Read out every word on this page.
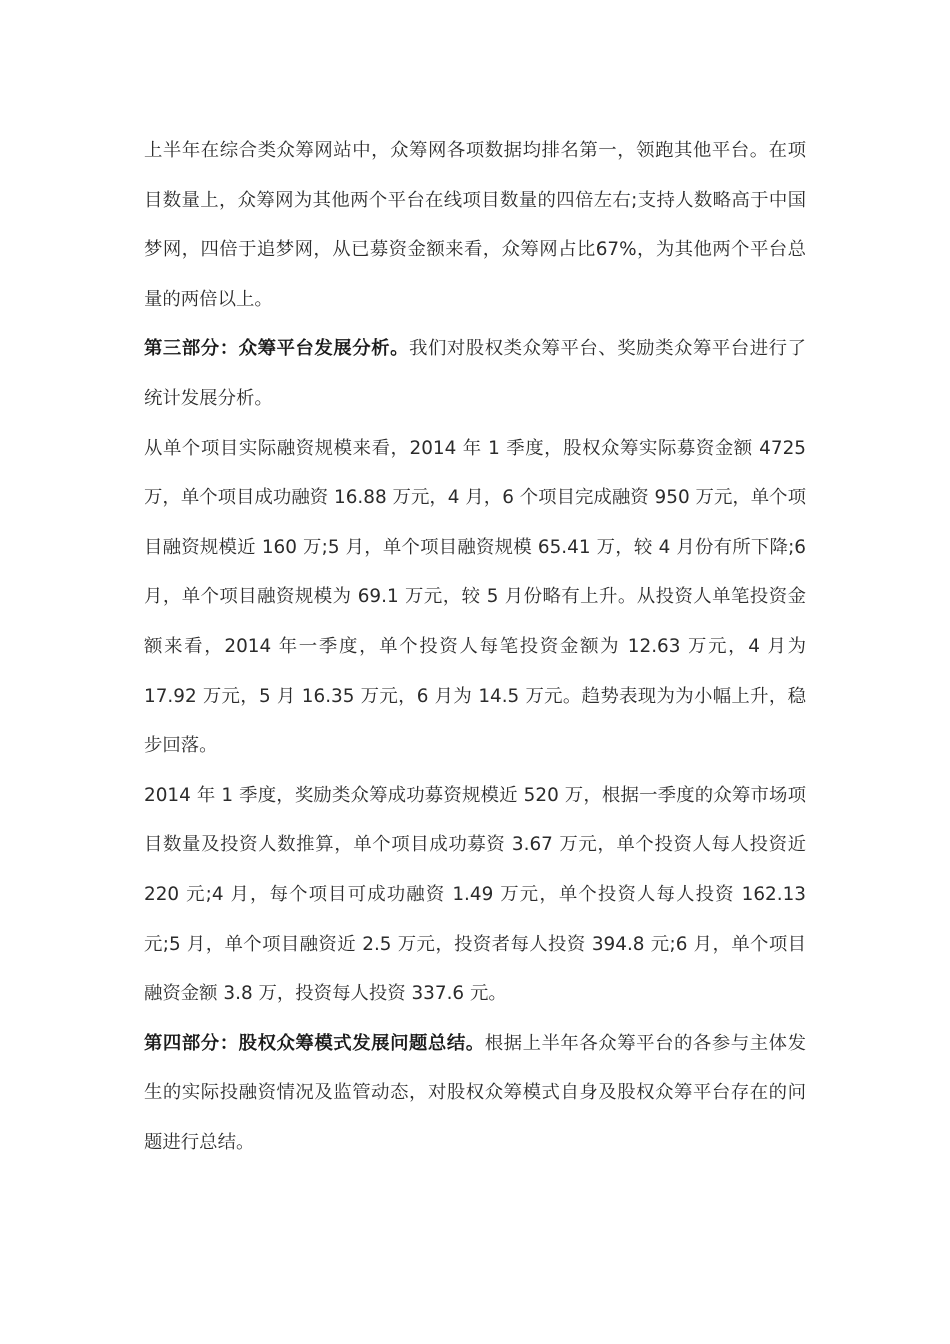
上半年在综合类众筹网站中，众筹网各项数据均排名第一，领跑其他平台。在项目数量上，众筹网为其他两个平台在线项目数量的四倍左右;支持人数略高于中国梦网，四倍于追梦网，从已募资金额来看，众筹网占比67%，为其他两个平台总量的两倍以上。

第三部分：众筹平台发展分析。我们对股权类众筹平台、奖励类众筹平台进行了统计发展分析。

从单个项目实际融资规模来看，2014 年 1 季度，股权众筹实际募资金额 4725 万，单个项目成功融资 16.88 万元，4 月，6 个项目完成融资 950 万元，单个项目融资规模近 160 万;5 月，单个项目融资规模 65.41 万，较 4 月份有所下降;6 月，单个项目融资规模为 69.1 万元，较 5 月份略有上升。从投资人单笔投资金额来看，2014 年一季度，单个投资人每笔投资金额为 12.63 万元，4 月为 17.92 万元，5 月 16.35 万元，6 月为 14.5 万元。趋势表现为为小幅上升，稳步回落。

2014 年 1 季度，奖励类众筹成功募资规模近 520 万，根据一季度的众筹市场项目数量及投资人数推算，单个项目成功募资 3.67 万元，单个投资人每人投资近 220 元;4 月，每个项目可成功融资 1.49 万元，单个投资人每人投资 162.13 元;5 月，单个项目融资近 2.5 万元，投资者每人投资 394.8 元;6 月，单个项目融资金额 3.8 万，投资每人投资 337.6 元。

第四部分：股权众筹模式发展问题总结。根据上半年各众筹平台的各参与主体发生的实际投融资情况及监管动态，对股权众筹模式自身及股权众筹平台存在的问题进行总结。
